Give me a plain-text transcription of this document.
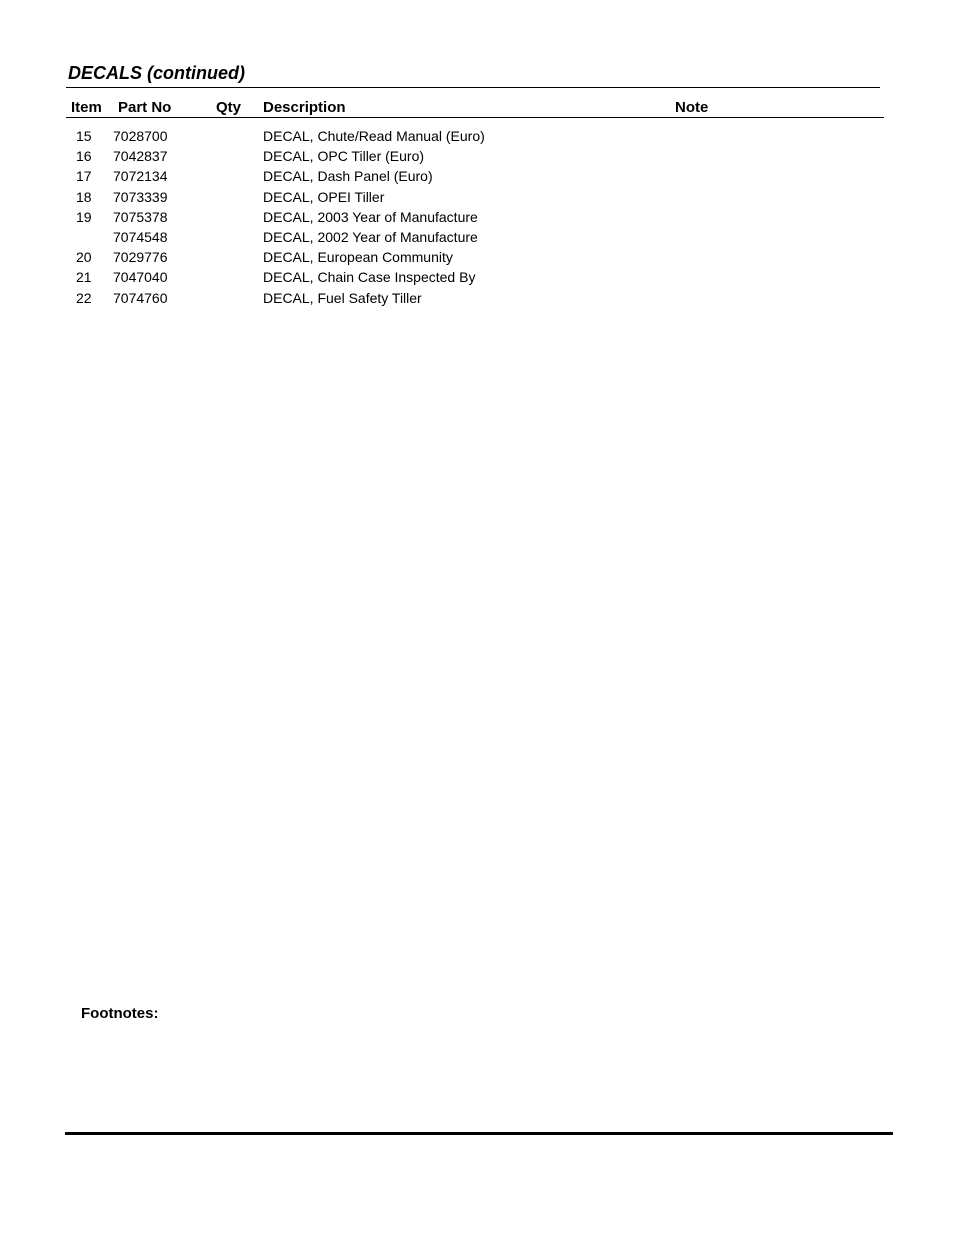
DECALS (continued)
Item Part No	Qty Description	Note
15 7028700	DECAL, Chute/Read Manual (Euro)
16 7042837	DECAL, OPC Tiller (Euro)
17 7072134	DECAL, Dash Panel (Euro)
18 7073339	DECAL, OPEI Tiller
19 7075378	DECAL, 2003 Year of Manufacture
7074548	DECAL, 2002 Year of Manufacture
20 7029776	DECAL, European Community
21 7047040	DECAL, Chain Case Inspected By
22 7074760	DECAL, Fuel Safety Tiller
Footnotes:
